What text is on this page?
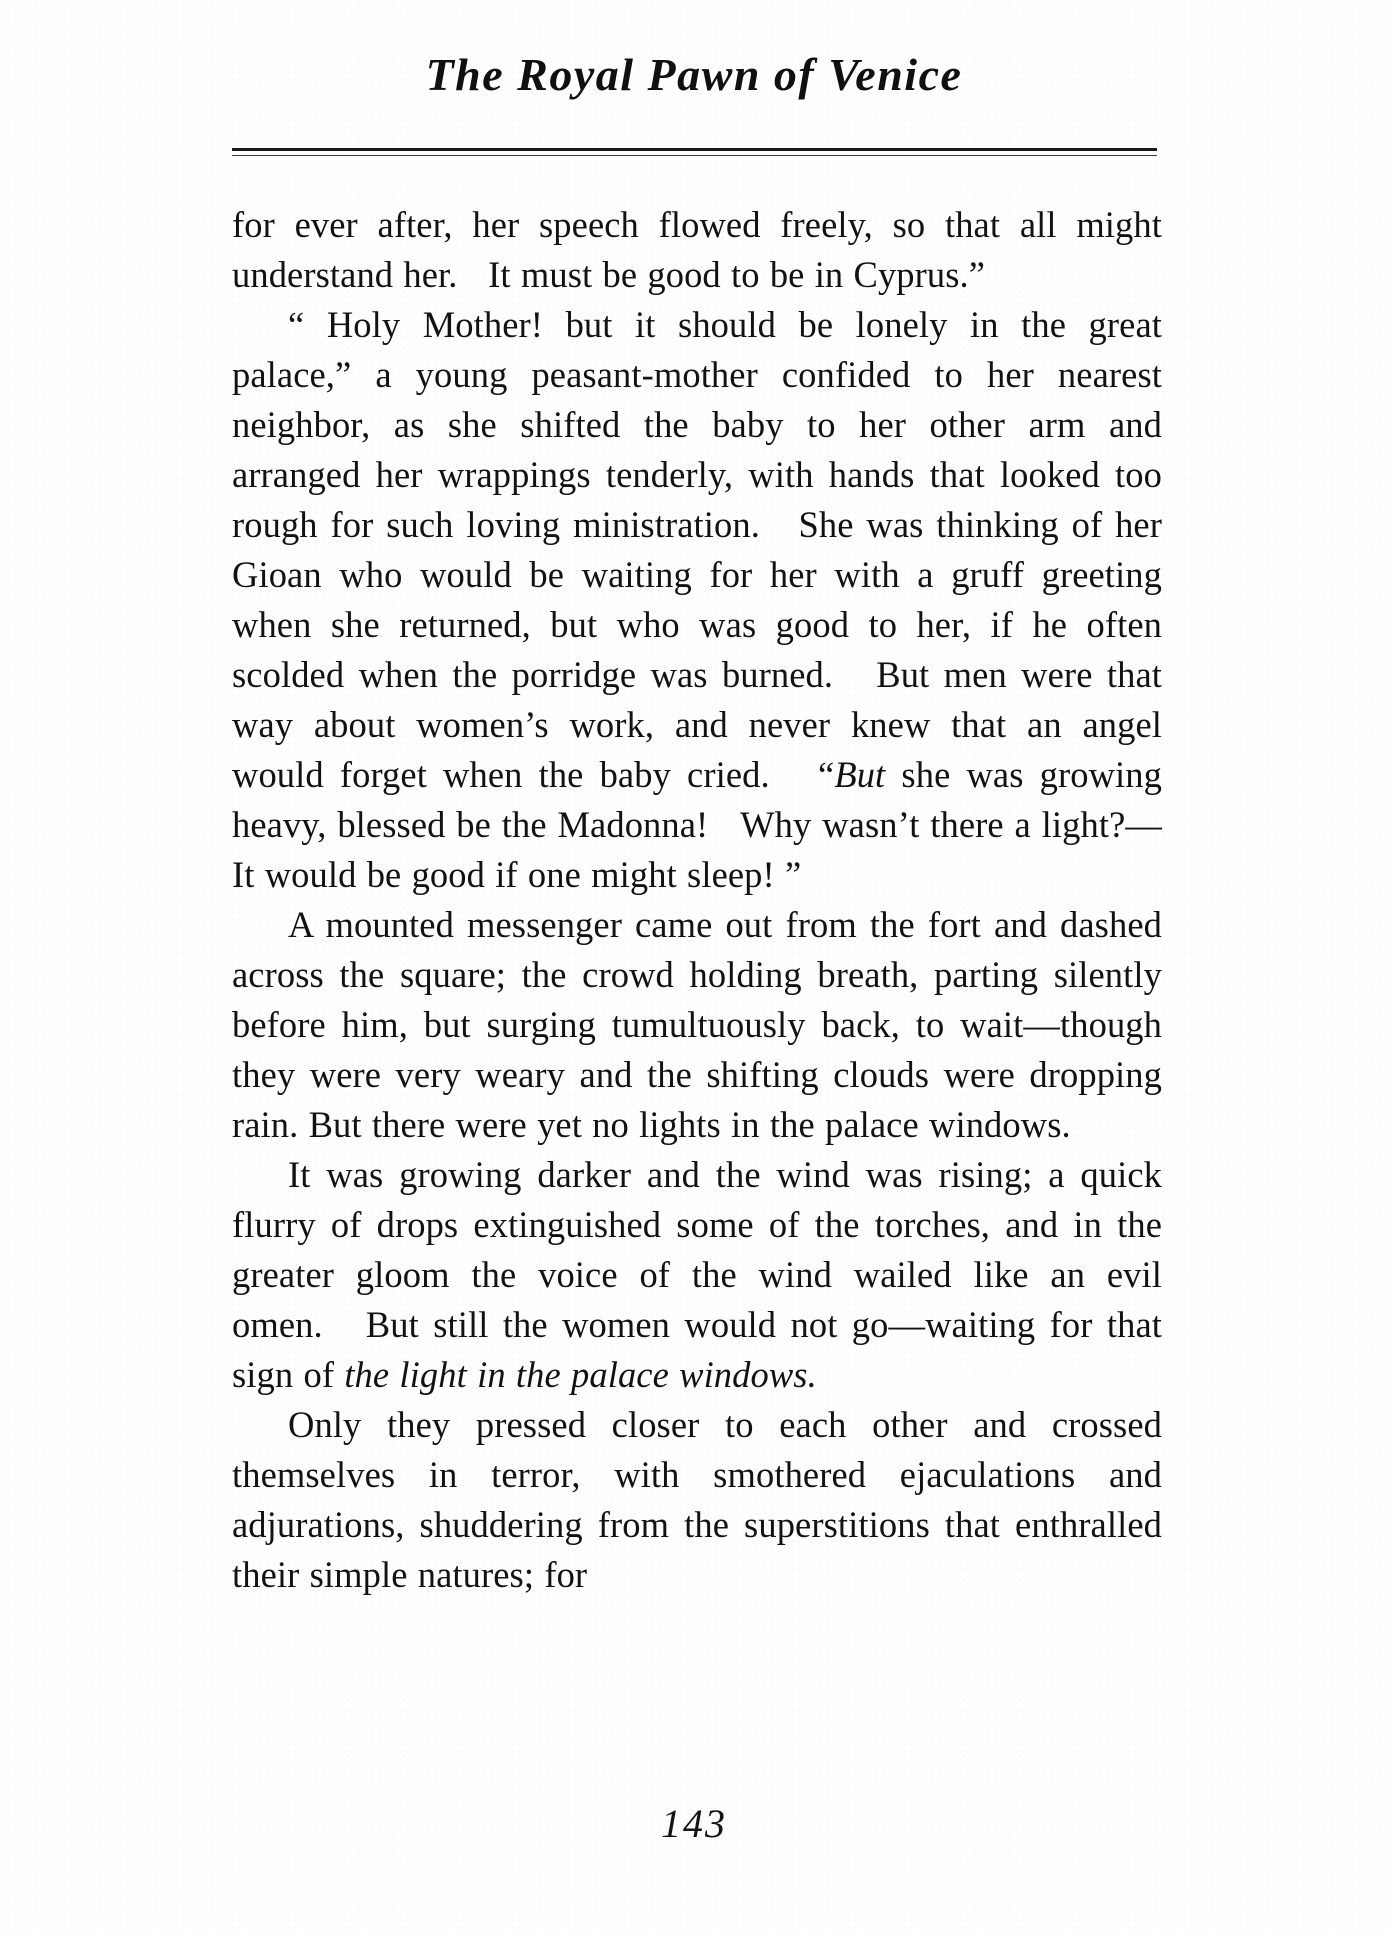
The Royal Pawn of Venice

for ever after, her speech flowed freely, so that all might understand her.   It must be good to be in Cyprus.”

“ Holy Mother! but it should be lonely in the great palace,” a young peasant-mother confided to her nearest neighbor, as she shifted the baby to her other arm and arranged her wrappings tenderly, with hands that looked too rough for such loving ministration.   She was thinking of her Gioan who would be waiting for her with a gruff greeting when she returned, but who was good to her, if he often scolded when the porridge was burned.   But men were that way about women’s work, and never knew that an angel would forget when the baby cried.   “But she was growing heavy, blessed be the Madonna!   Why wasn’t there a light?—It would be good if one might sleep! ”

A mounted messenger came out from the fort and dashed across the square; the crowd holding breath, parting silently before him, but surging tumultuously back, to wait—though they were very weary and the shifting clouds were dropping rain. But there were yet no lights in the palace windows.

It was growing darker and the wind was rising; a quick flurry of drops extinguished some of the torches, and in the greater gloom the voice of the wind wailed like an evil omen.   But still the women would not go—waiting for that sign of the light in the palace windows.

Only they pressed closer to each other and crossed themselves in terror, with smothered ejaculations and adjurations, shuddering from the superstitions that enthralled their simple natures; for

143
